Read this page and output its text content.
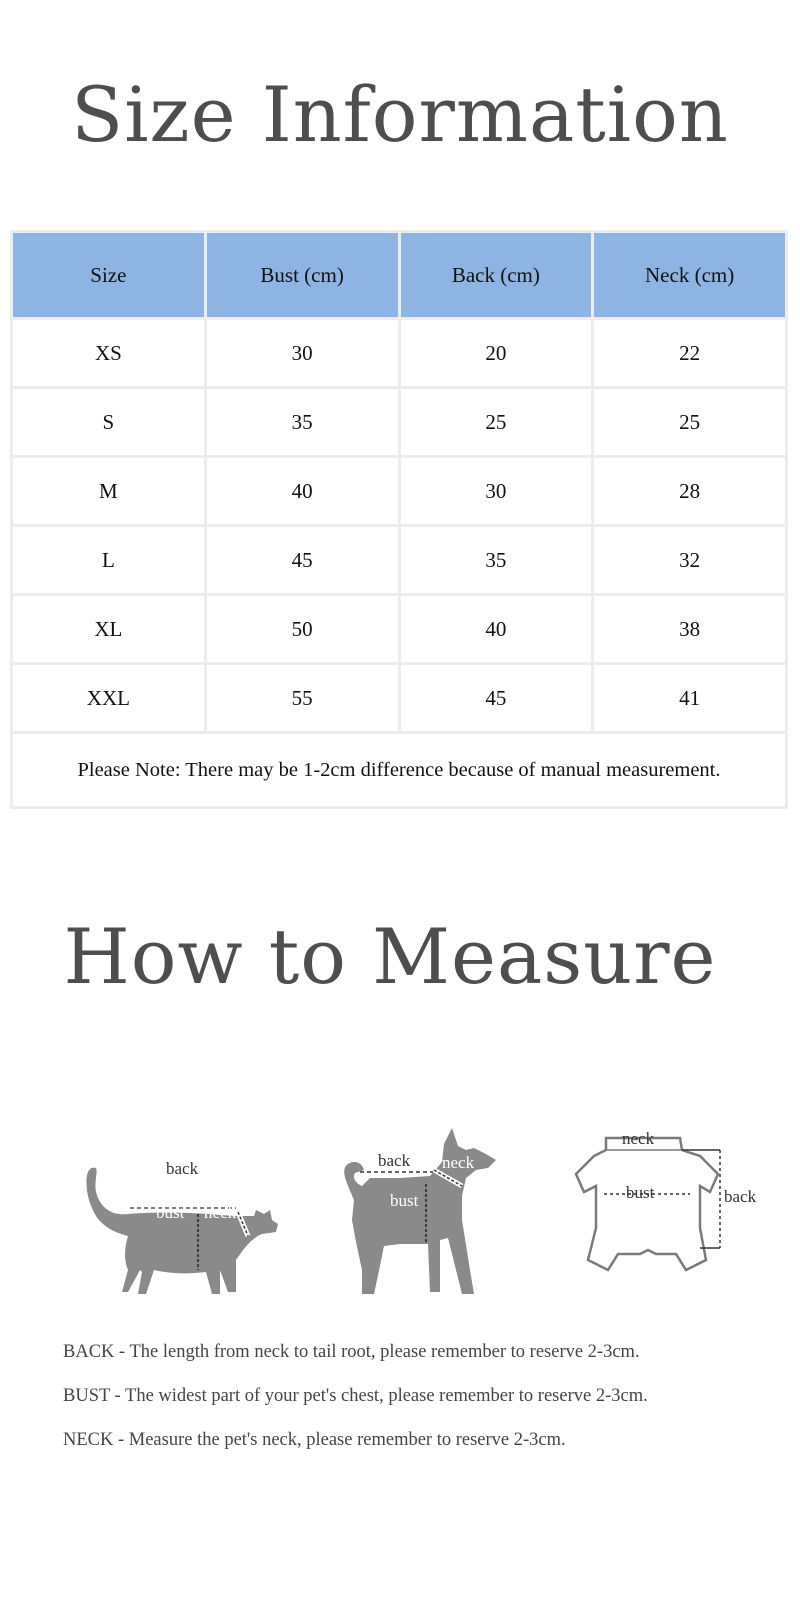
Size Information
Size	Bust (cm)	Back (cm)	Neck (cm)
XS	30	20	22
S	35	25	25
M	40	30	28
L	45	35	32
XL	50	40	38
XXL	55	45	41
Please Note: There may be 1-2cm difference because of manual measurement.			
How to Measure
back
bust neck
back neck
bust
neck
bust	back
BACK - The length from neck to tail root, please remember to reserve 2-3cm.
BUST - The widest part of your pet's chest, please remember to reserve 2-3cm.
NECK - Measure the pet's neck, please remember to reserve 2-3cm.
